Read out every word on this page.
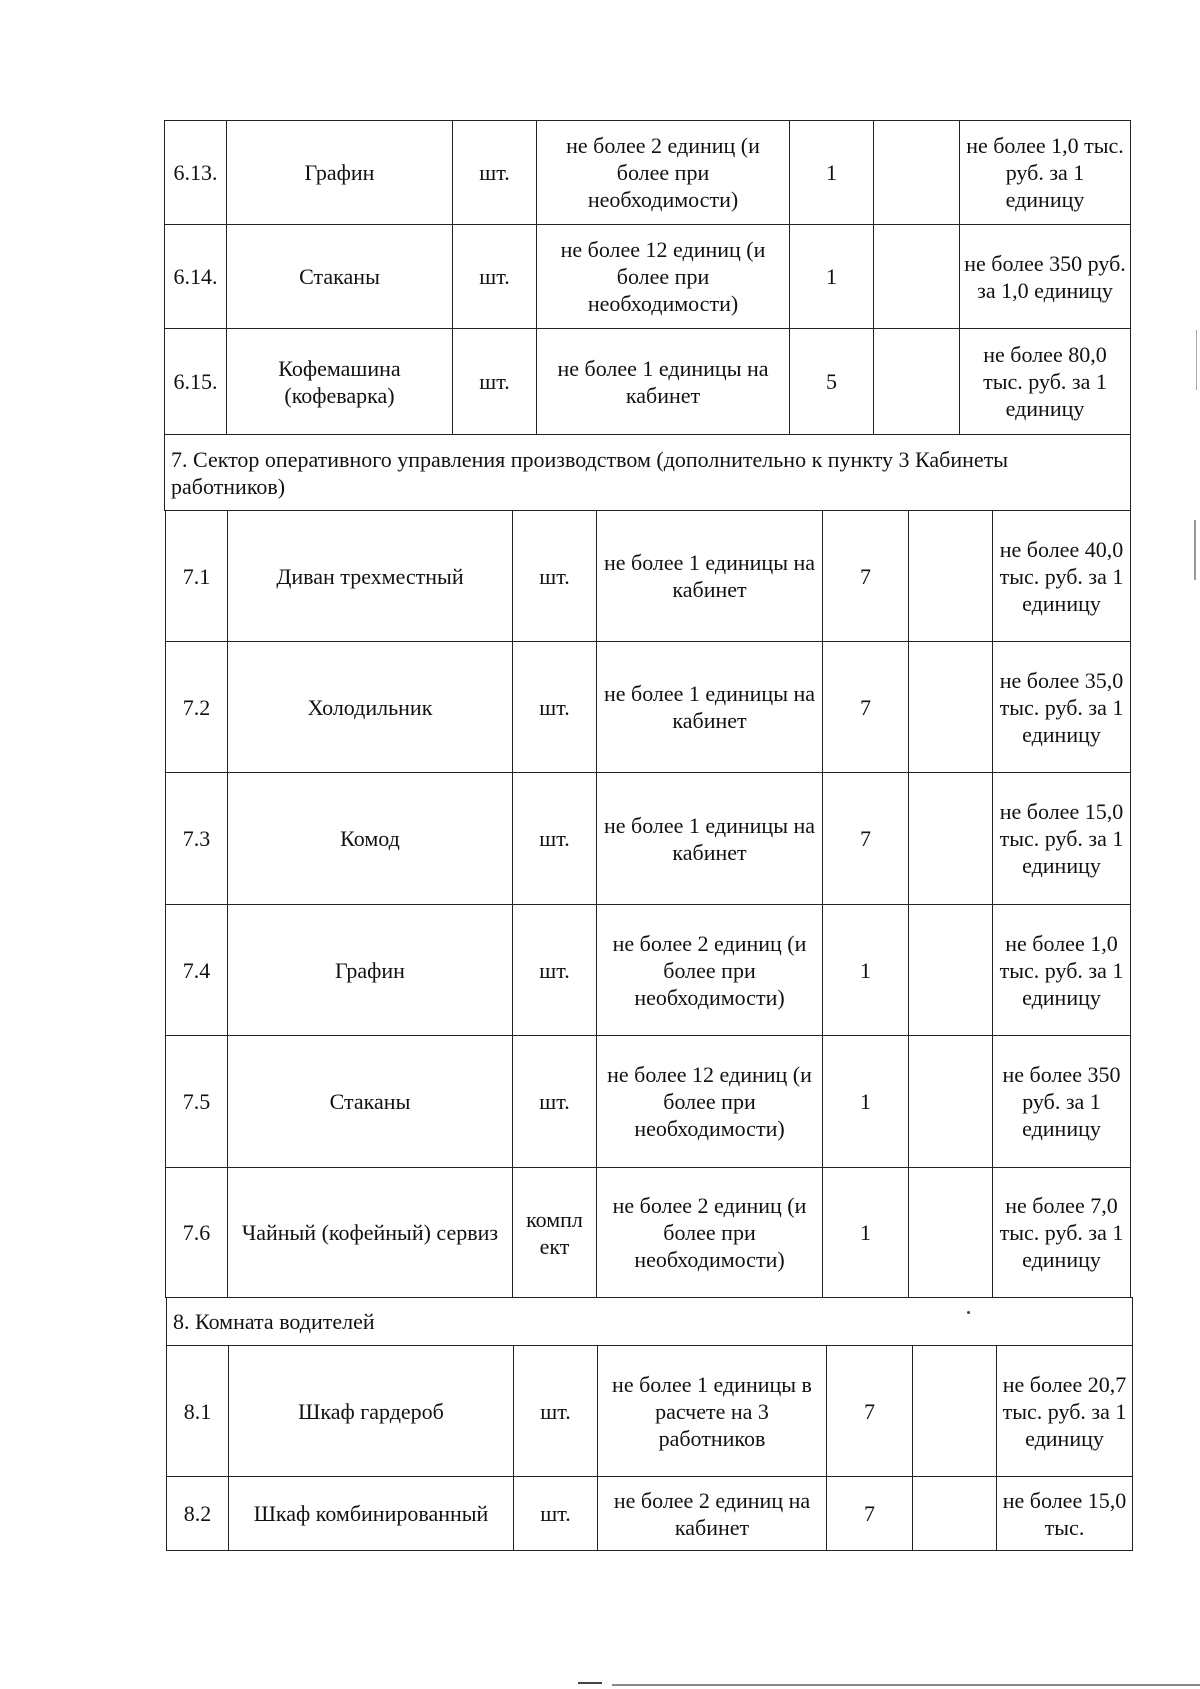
6.13.	Графин	шт.	не более 2 единиц (и более при необходимости)	1		не более 1,0 тыс. руб. за 1 единицу
6.14.	Стаканы	шт.	не более 12 единиц (и более при необходимости)	1		не более 350 руб. за 1,0 единицу
6.15.	Кофемашина (кофеварка)	шт.	не более 1 единицы на кабинет	5		не более 80,0 тыс. руб. за 1 единицу
7. Сектор оперативного управления производством (дополнительно к пункту 3 Кабинеты работников)
7.1	Диван трехместный	шт.	не более 1 единицы на кабинет	7		не более 40,0 тыс. руб. за 1 единицу
7.2	Холодильник	шт.	не более 1 единицы на кабинет	7		не более 35,0 тыс. руб. за 1 единицу
7.3	Комод	шт.	не более 1 единицы на кабинет	7		не более 15,0 тыс. руб. за 1 единицу
7.4	Графин	шт.	не более 2 единиц (и более при необходимости)	1		не более 1,0 тыс. руб. за 1 единицу
7.5	Стаканы	шт.	не более 12 единиц (и более при необходимости)	1		не более 350 руб. за 1 единицу
7.6	Чайный (кофейный) сервиз	компл ект	не более 2 единиц (и более при необходимости)	1		не более 7,0 тыс. руб. за 1 единицу
8. Комната водителей
8.1	Шкаф гардероб	шт.	не более 1 единицы в расчете на 3 работников	7		не более 20,7 тыс. руб. за 1 единицу
8.2	Шкаф комбинированный	шт.	не более 2 единиц на кабинет	7		не более 15,0 тыс.
